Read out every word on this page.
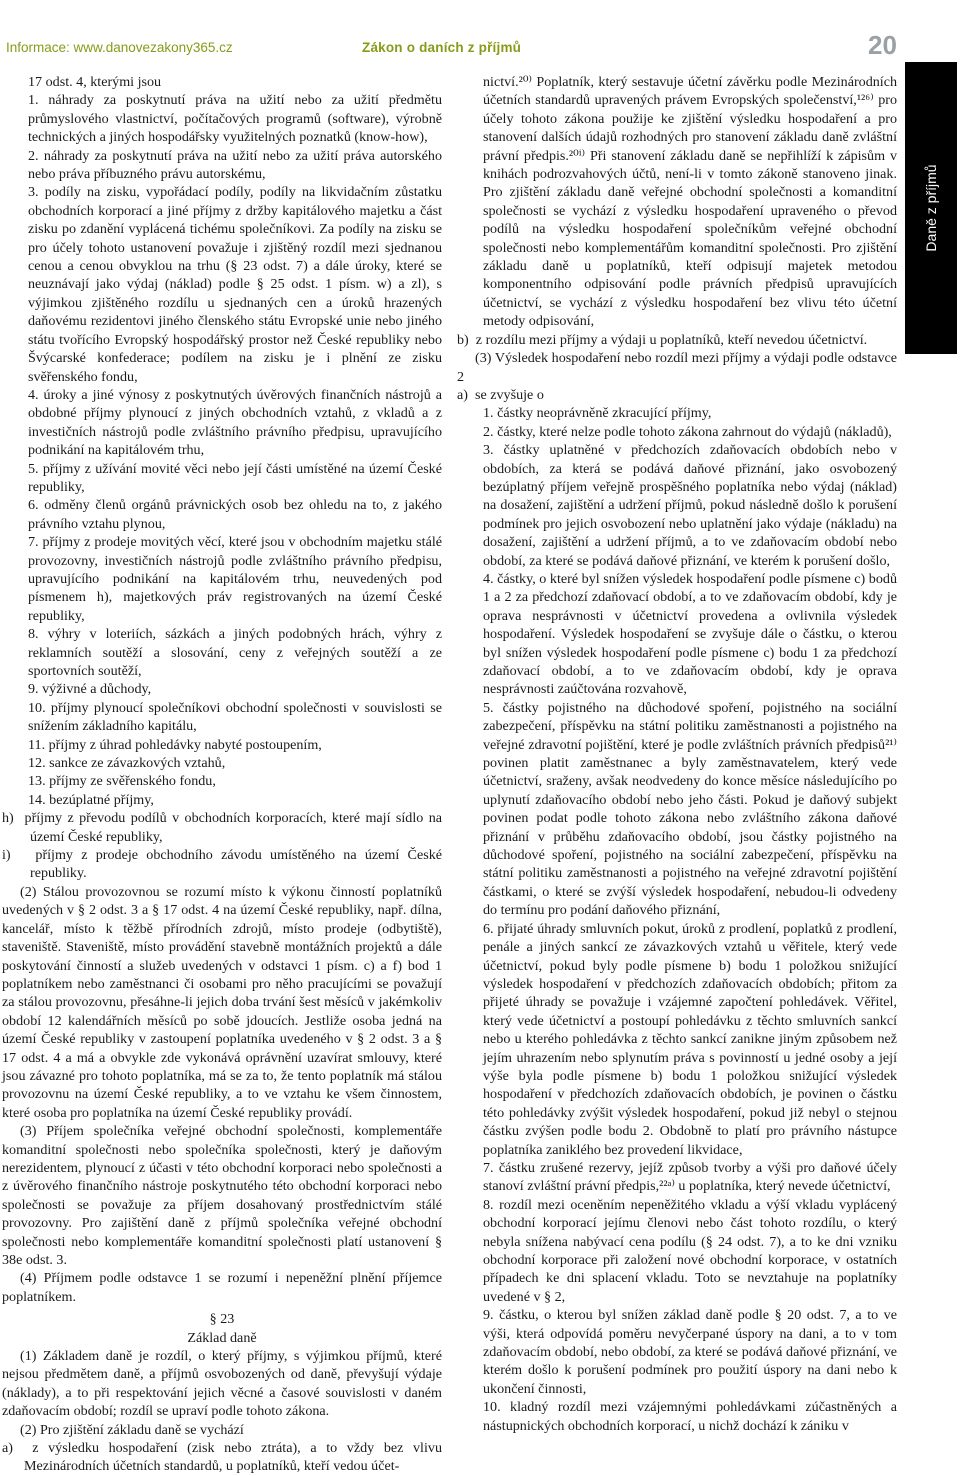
Informace: www.danovezakony365.cz	Zákon o daních z příjmů	20
Daně z příjmů

17 odst. 4, kterými jsou

1. náhrady za poskytnutí práva na užití nebo za užití předmětu průmyslového vlastnictví, počítačových programů (software), výrobně technických a jiných hospodářsky využitelných poznatků (know-how),

2. náhrady za poskytnutí práva na užití nebo za užití práva autorského nebo práva příbuzného právu autorskému,

3. podíly na zisku, vypořádací podíly, podíly na likvidačním zůstatku obchodních korporací a jiné příjmy z držby kapitálového majetku a část zisku po zdanění vyplácená tichému společníkovi. Za podíly na zisku se pro účely tohoto ustanovení považuje i zjištěný rozdíl mezi sjednanou cenou a cenou obvyklou na trhu (§ 23 odst. 7) a dále úroky, které se neuznávají jako výdaj (náklad) podle § 25 odst. 1 písm. w) a zl), s výjimkou zjištěného rozdílu u sjednaných cen a úroků hrazených daňovému rezidentovi jiného členského státu Evropské unie nebo jiného státu tvořícího Evropský hospodářský prostor než České republiky nebo Švýcarské konfederace; podílem na zisku je i plnění ze zisku svěřenského fondu,

4. úroky a jiné výnosy z poskytnutých úvěrových finančních nástrojů a obdobné příjmy plynoucí z jiných obchodních vztahů, z vkladů a z investičních nástrojů podle zvláštního právního předpisu, upravujícího podnikání na kapitálovém trhu,

5. příjmy z užívání movité věci nebo její části umístěné na území České republiky,

6. odměny členů orgánů právnických osob bez ohledu na to, z jakého právního vztahu plynou,

7. příjmy z prodeje movitých věcí, které jsou v obchodním majetku stálé provozovny, investičních nástrojů podle zvláštního právního předpisu, upravujícího podnikání na kapitálovém trhu, neuvedených pod písmenem h), majetkových práv registrovaných na území České republiky,

8. výhry v loteriích, sázkách a jiných podobných hrách, výhry z reklamních soutěží a slosování, ceny z veřejných soutěží a ze sportovních soutěží,

9. výživné a důchody,

10. příjmy plynoucí společníkovi obchodní společnosti v souvislosti se snížením základního kapitálu,

11. příjmy z úhrad pohledávky nabyté postoupením,

12. sankce ze závazkových vztahů,

13. příjmy ze svěřenského fondu,

14. bezúplatné příjmy,

h)  příjmy z převodu podílů v obchodních korporacích, které mají sídlo na území České republiky,

i)   příjmy z prodeje obchodního závodu umístěného na území České republiky.

(2) Stálou provozovnou se rozumí místo k výkonu činností poplatníků uvedených v § 2 odst. 3 a § 17 odst. 4 na území České republiky, např. dílna, kancelář, místo k těžbě přírodních zdrojů, místo prodeje (odbytiště), staveniště. Staveniště, místo provádění stavebně montážních projektů a dále poskytování činností a služeb uvedených v odstavci 1 písm. c) a f) bod 1 poplatníkem nebo zaměstnanci či osobami pro něho pracujícími se považují za stálou provozovnu, přesáhne-li jejich doba trvání šest měsíců v jakémkoliv období 12 kalendářních měsíců po sobě jdoucích. Jestliže osoba jedná na území České republiky v zastoupení poplatníka uvedeného v § 2 odst. 3 a § 17 odst. 4 a má a obvykle zde vykonává oprávnění uzavírat smlouvy, které jsou závazné pro tohoto poplatníka, má se za to, že tento poplatník má stálou provozovnu na území České republiky, a to ve vztahu ke všem činnostem, které osoba pro poplatníka na území České republiky provádí.

(3) Příjem společníka veřejné obchodní společnosti, komplementáře komanditní společnosti nebo společníka společnosti, který je daňovým nerezidentem, plynoucí z účasti v této obchodní korporaci nebo společnosti a z úvěrového finančního nástroje poskytnutého této obchodní korporaci nebo společnosti se považuje za příjem dosahovaný prostřednictvím stálé provozovny. Pro zajištění daně z příjmů společníka veřejné obchodní společnosti nebo komplementáře komanditní společnosti platí ustanovení § 38e odst. 3.

(4) Příjmem podle odstavce 1 se rozumí i nepeněžní plnění příjemce poplatníkem.

§ 23

Základ daně

(1) Základem daně je rozdíl, o který příjmy, s výjimkou příjmů, které nejsou předmětem daně, a příjmů osvobozených od daně, převyšují výdaje (náklady), a to při respektování jejich věcné a časové souvislosti v daném zdaňovacím období; rozdíl se upraví podle tohoto zákona.

(2) Pro zjištění základu daně se vychází

a)  z výsledku hospodaření (zisk nebo ztráta), a to vždy bez vlivu Mezinárodních účetních standardů, u poplatníků, kteří vedou účet-

nictví.²⁰⁾ Poplatník, který sestavuje účetní závěrku podle Mezinárodních účetních standardů upravených právem Evropských společenství,¹²⁶⁾ pro účely tohoto zákona použije ke zjištění výsledku hospodaření a pro stanovení dalších údajů rozhodných pro stanovení základu daně zvláštní právní předpis.²⁰ⁱ⁾ Při stanovení základu daně se nepřihlíží k zápisům v knihách podrozvahových účtů, není-li v tomto zákoně stanoveno jinak. Pro zjištění základu daně veřejné obchodní společnosti a komanditní společnosti se vychází z výsledku hospodaření upraveného o převod podílů na výsledku hospodaření společníkům veřejné obchodní společnosti nebo komplementářům komanditní společnosti. Pro zjištění základu daně u poplatníků, kteří odpisují majetek metodou komponentního odpisování podle právních předpisů upravujících účetnictví, se vychází z výsledku hospodaření bez vlivu této účetní metody odpisování,

b)  z rozdílu mezi příjmy a výdaji u poplatníků, kteří nevedou účetnictví.

(3) Výsledek hospodaření nebo rozdíl mezi příjmy a výdaji podle odstavce 2

a)  se zvyšuje o

1. částky neoprávněně zkracující příjmy,

2. částky, které nelze podle tohoto zákona zahrnout do výdajů (nákladů),

3. částky uplatněné v předchozích zdaňovacích obdobích nebo v obdobích, za která se podává daňové přiznání, jako osvobozený bezúplatný příjem veřejně prospěšného poplatníka nebo výdaj (náklad) na dosažení, zajištění a udržení příjmů, pokud následně došlo k porušení podmínek pro jejich osvobození nebo uplatnění jako výdaje (nákladu) na dosažení, zajištění a udržení příjmů, a to ve zdaňovacím období nebo období, za které se podává daňové přiznání, ve kterém k porušení došlo,

4. částky, o které byl snížen výsledek hospodaření podle písmene c) bodů 1 a 2 za předchozí zdaňovací období, a to ve zdaňovacím období, kdy je oprava nesprávnosti v účetnictví provedena a ovlivnila výsledek hospodaření. Výsledek hospodaření se zvyšuje dále o částku, o kterou byl snížen výsledek hospodaření podle písmene c) bodu 1 za předchozí zdaňovací období, a to ve zdaňovacím období, kdy je oprava nesprávnosti zaúčtována rozvahově,

5. částky pojistného na důchodové spoření, pojistného na sociální zabezpečení, příspěvku na státní politiku zaměstnanosti a pojistného na veřejné zdravotní pojištění, které je podle zvláštních právních předpisů²¹⁾ povinen platit zaměstnanec a byly zaměstnavatelem, který vede účetnictví, sraženy, avšak neodvedeny do konce měsíce následujícího po uplynutí zdaňovacího období nebo jeho části. Pokud je daňový subjekt povinen podat podle tohoto zákona nebo zvláštního zákona daňové přiznání v průběhu zdaňovacího období, jsou částky pojistného na důchodové spoření, pojistného na sociální zabezpečení, příspěvku na státní politiku zaměstnanosti a pojistného na veřejné zdravotní pojištění částkami, o které se zvýší výsledek hospodaření, nebudou-li odvedeny do termínu pro podání daňového přiznání,

6. přijaté úhrady smluvních pokut, úroků z prodlení, poplatků z prodlení, penále a jiných sankcí ze závazkových vztahů u věřitele, který vede účetnictví, pokud byly podle písmene b) bodu 1 položkou snižující výsledek hospodaření v předchozích zdaňovacích obdobích; přitom za přijeté úhrady se považuje i vzájemné započtení pohledávek. Věřitel, který vede účetnictví a postoupí pohledávku z těchto smluvních sankcí nebo u kterého pohledávka z těchto sankcí zanikne jiným způsobem než jejím uhrazením nebo splynutím práva s povinností u jedné osoby a její výše byla podle písmene b) bodu 1 položkou snižující výsledek hospodaření v předchozích zdaňovacích obdobích, je povinen o částku této pohledávky zvýšit výsledek hospodaření, pokud již nebyl o stejnou částku zvýšen podle bodu 2. Obdobně to platí pro právního nástupce poplatníka zaniklého bez provedení likvidace,

7. částku zrušené rezervy, jejíž způsob tvorby a výši pro daňové účely stanoví zvláštní právní předpis,²²ᵃ⁾ u poplatníka, který nevede účetnictví,

8. rozdíl mezi oceněním nepeněžitého vkladu a výší vkladu vyplácený obchodní korporací jejímu členovi nebo část tohoto rozdílu, o který nebyla snížena nabývací cena podílu (§ 24 odst. 7), a to ke dni vzniku obchodní korporace při založení nové obchodní korporace, v ostatních případech ke dni splacení vkladu. Toto se nevztahuje na poplatníky uvedené v § 2,

9. částku, o kterou byl snížen základ daně podle § 20 odst. 7, a to ve výši, která odpovídá poměru nevyčerpané úspory na dani, a to v tom zdaňovacím období, nebo období, za které se podává daňové přiznání, ve kterém došlo k porušení podmínek pro použití úspory na dani nebo k ukončení činnosti,

10. kladný rozdíl mezi vzájemnými pohledávkami zúčastněných a nástupnických obchodních korporací, u nichž dochází k zániku v
